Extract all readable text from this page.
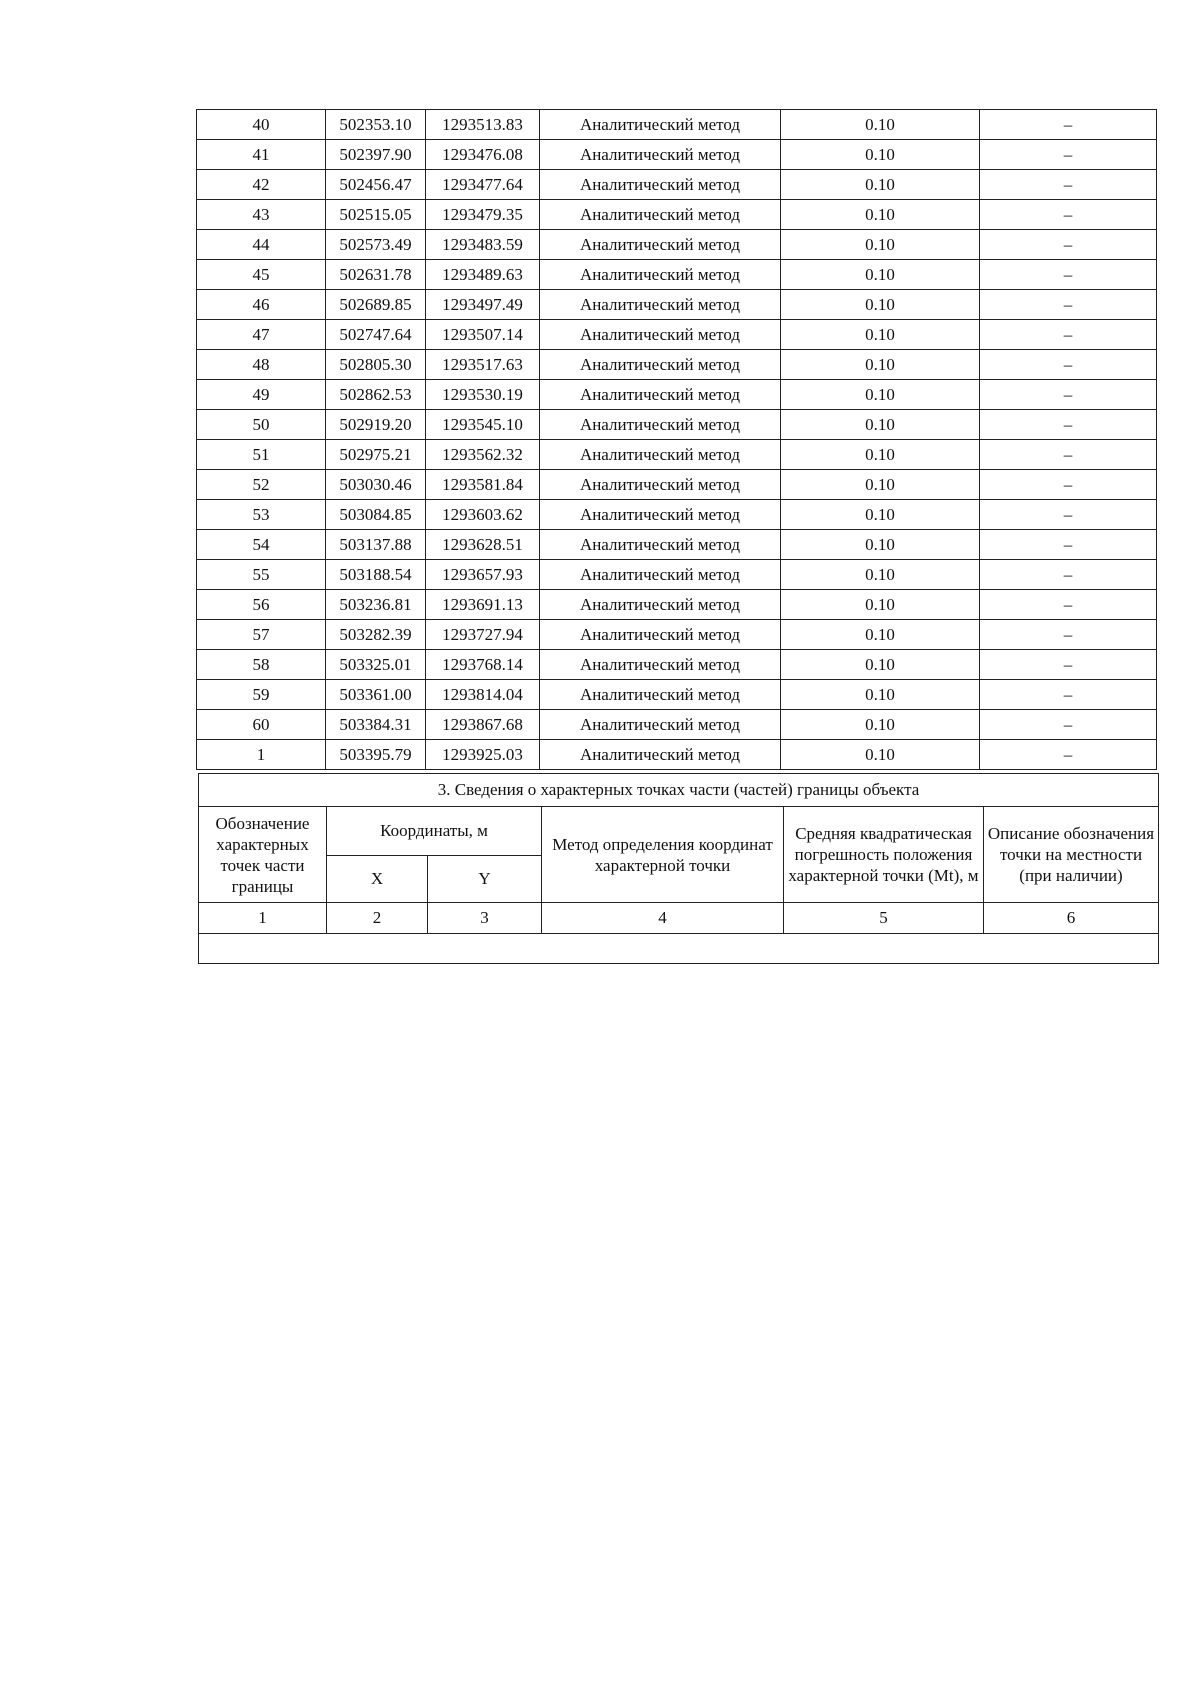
40	502353.10	1293513.83	Аналитический метод	0.10	–
41	502397.90	1293476.08	Аналитический метод	0.10	–
42	502456.47	1293477.64	Аналитический метод	0.10	–
43	502515.05	1293479.35	Аналитический метод	0.10	–
44	502573.49	1293483.59	Аналитический метод	0.10	–
45	502631.78	1293489.63	Аналитический метод	0.10	–
46	502689.85	1293497.49	Аналитический метод	0.10	–
47	502747.64	1293507.14	Аналитический метод	0.10	–
48	502805.30	1293517.63	Аналитический метод	0.10	–
49	502862.53	1293530.19	Аналитический метод	0.10	–
50	502919.20	1293545.10	Аналитический метод	0.10	–
51	502975.21	1293562.32	Аналитический метод	0.10	–
52	503030.46	1293581.84	Аналитический метод	0.10	–
53	503084.85	1293603.62	Аналитический метод	0.10	–
54	503137.88	1293628.51	Аналитический метод	0.10	–
55	503188.54	1293657.93	Аналитический метод	0.10	–
56	503236.81	1293691.13	Аналитический метод	0.10	–
57	503282.39	1293727.94	Аналитический метод	0.10	–
58	503325.01	1293768.14	Аналитический метод	0.10	–
59	503361.00	1293814.04	Аналитический метод	0.10	–
60	503384.31	1293867.68	Аналитический метод	0.10	–
1	503395.79	1293925.03	Аналитический метод	0.10	–
3. Сведения о характерных точках части (частей) границы объекта					
Обозначение характерных точек части границы	Координаты, м		Метод определения координат характерной точки	Средняя квадратическая погрешность положения характерной точки (Mt), м	Описание обозначения точки на местности (при наличии)
	X	Y			
1	2	3	4	5	6
